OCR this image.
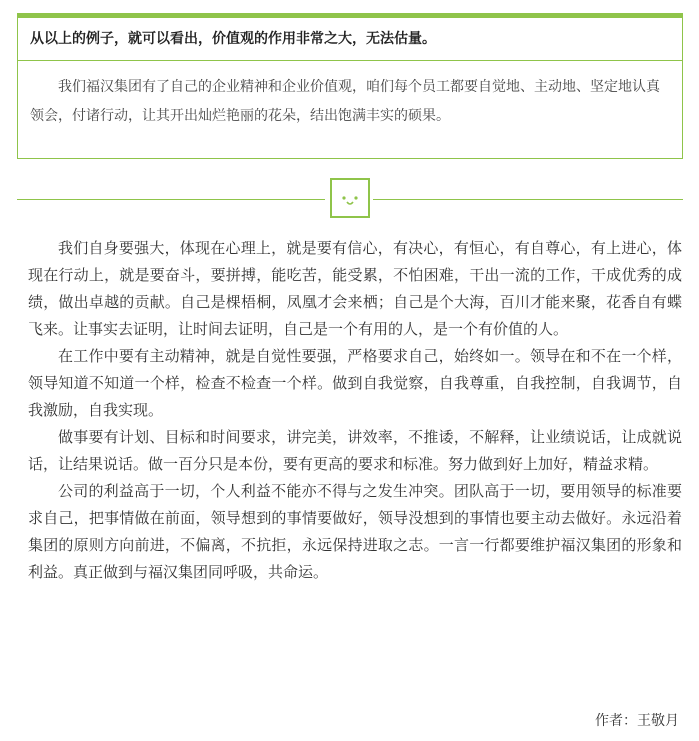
从以上的例子，就可以看出，价值观的作用非常之大，无法估量。
我们福汉集团有了自己的企业精神和企业价值观，咱们每个员工都要自觉地、主动地、坚定地认真领会，付诸行动，让其开出灿烂艳丽的花朵，结出饱满丰实的硕果。

我们自身要强大，体现在心理上，就是要有信心，有决心，有恒心，有自尊心，有上进心，体现在行动上，就是要奋斗，要拼搏，能吃苦，能受累，不怕困难，干出一流的工作，干成优秀的成绩，做出卓越的贡献。自己是棵梧桐，凤凰才会来栖；自己是个大海，百川才能来聚，花香自有蝶飞来。让事实去证明，让时间去证明，自己是一个有用的人，是一个有价值的人。

在工作中要有主动精神，就是自觉性要强，严格要求自己，始终如一。领导在和不在一个样，领导知道不知道一个样，检查不检查一个样。做到自我觉察，自我尊重，自我控制，自我调节，自我激励，自我实现。

做事要有计划、目标和时间要求，讲完美，讲效率，不推诿，不解释，让业绩说话，让成就说话，让结果说话。做一百分只是本份，要有更高的要求和标准。努力做到好上加好，精益求精。

公司的利益高于一切，个人利益不能亦不得与之发生冲突。团队高于一切，要用领导的标准要求自己，把事情做在前面，领导想到的事情要做好，领导没想到的事情也要主动去做好。永远沿着集团的原则方向前进，不偏离，不抗拒，永远保持进取之志。一言一行都要维护福汉集团的形象和利益。真正做到与福汉集团同呼吸，共命运。

作者：王敬月
